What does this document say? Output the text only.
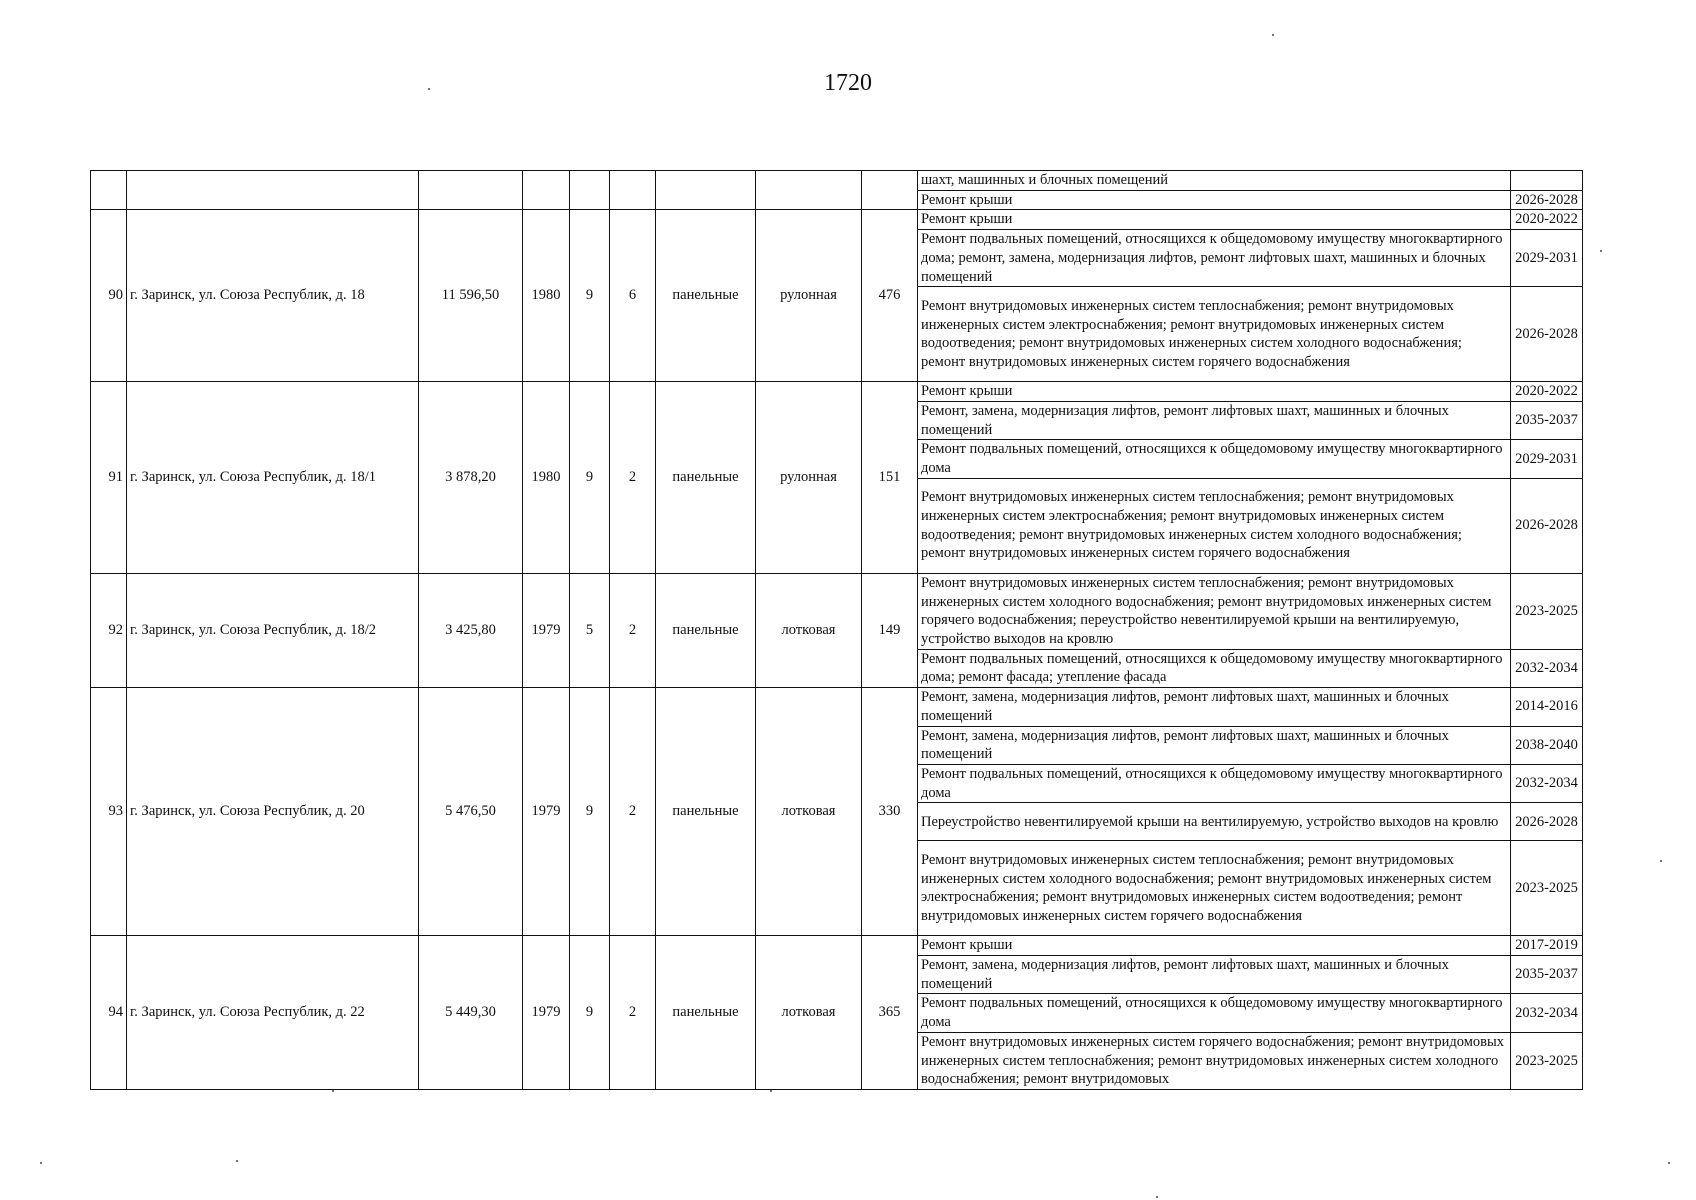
1720
									шахт, машинных и блочных помещений	
									Ремонт крыши	2026-2028
90	г. Заринск, ул. Союза Республик, д. 18	11 596,50	1980	9	6	панельные	рулонная	476	Ремонт крыши	2020-2022
									Ремонт подвальных помещений, относящихся к общедомовому имуществу многоквартирного дома; ремонт, замена, модернизация лифтов, ремонт лифтовых шахт, машинных и блочных помещений	2029-2031
									Ремонт внутридомовых инженерных систем теплоснабжения; ремонт внутридомовых инженерных систем электроснабжения; ремонт внутридомовых инженерных систем водоотведения; ремонт внутридомовых инженерных систем холодного водоснабжения; ремонт внутридомовых инженерных систем горячего водоснабжения	2026-2028
91	г. Заринск, ул. Союза Республик, д. 18/1	3 878,20	1980	9	2	панельные	рулонная	151	Ремонт крыши	2020-2022
									Ремонт, замена, модернизация лифтов, ремонт лифтовых шахт, машинных и блочных помещений	2035-2037
									Ремонт подвальных помещений, относящихся к общедомовому имуществу многоквартирного дома	2029-2031
									Ремонт внутридомовых инженерных систем теплоснабжения; ремонт внутридомовых инженерных систем электроснабжения; ремонт внутридомовых инженерных систем водоотведения; ремонт внутридомовых инженерных систем холодного водоснабжения; ремонт внутридомовых инженерных систем горячего водоснабжения	2026-2028
92	г. Заринск, ул. Союза Республик, д. 18/2	3 425,80	1979	5	2	панельные	лотковая	149	Ремонт внутридомовых инженерных систем теплоснабжения; ремонт внутридомовых инженерных систем холодного водоснабжения; ремонт внутридомовых инженерных систем горячего водоснабжения; переустройство невентилируемой крыши на вентилируемую, устройство выходов на кровлю	2023-2025
									Ремонт подвальных помещений, относящихся к общедомовому имуществу многоквартирного дома; ремонт фасада; утепление фасада	2032-2034
93	г. Заринск, ул. Союза Республик, д. 20	5 476,50	1979	9	2	панельные	лотковая	330	Ремонт, замена, модернизация лифтов, ремонт лифтовых шахт, машинных и блочных помещений	2014-2016
									Ремонт, замена, модернизация лифтов, ремонт лифтовых шахт, машинных и блочных помещений	2038-2040
									Ремонт подвальных помещений, относящихся к общедомовому имуществу многоквартирного дома	2032-2034
									Переустройство невентилируемой крыши на вентилируемую, устройство выходов на кровлю	2026-2028
									Ремонт внутридомовых инженерных систем теплоснабжения; ремонт внутридомовых инженерных систем холодного водоснабжения; ремонт внутридомовых инженерных систем электроснабжения; ремонт внутридомовых инженерных систем водоотведения; ремонт внутридомовых инженерных систем горячего водоснабжения	2023-2025
94	г. Заринск, ул. Союза Республик, д. 22	5 449,30	1979	9	2	панельные	лотковая	365	Ремонт крыши	2017-2019
									Ремонт, замена, модернизация лифтов, ремонт лифтовых шахт, машинных и блочных помещений	2035-2037
									Ремонт подвальных помещений, относящихся к общедомовому имуществу многоквартирного дома	2032-2034
									Ремонт внутридомовых инженерных систем горячего водоснабжения; ремонт внутридомовых инженерных систем теплоснабжения; ремонт внутридомовых инженерных систем холодного водоснабжения; ремонт внутридомовых	2023-2025
